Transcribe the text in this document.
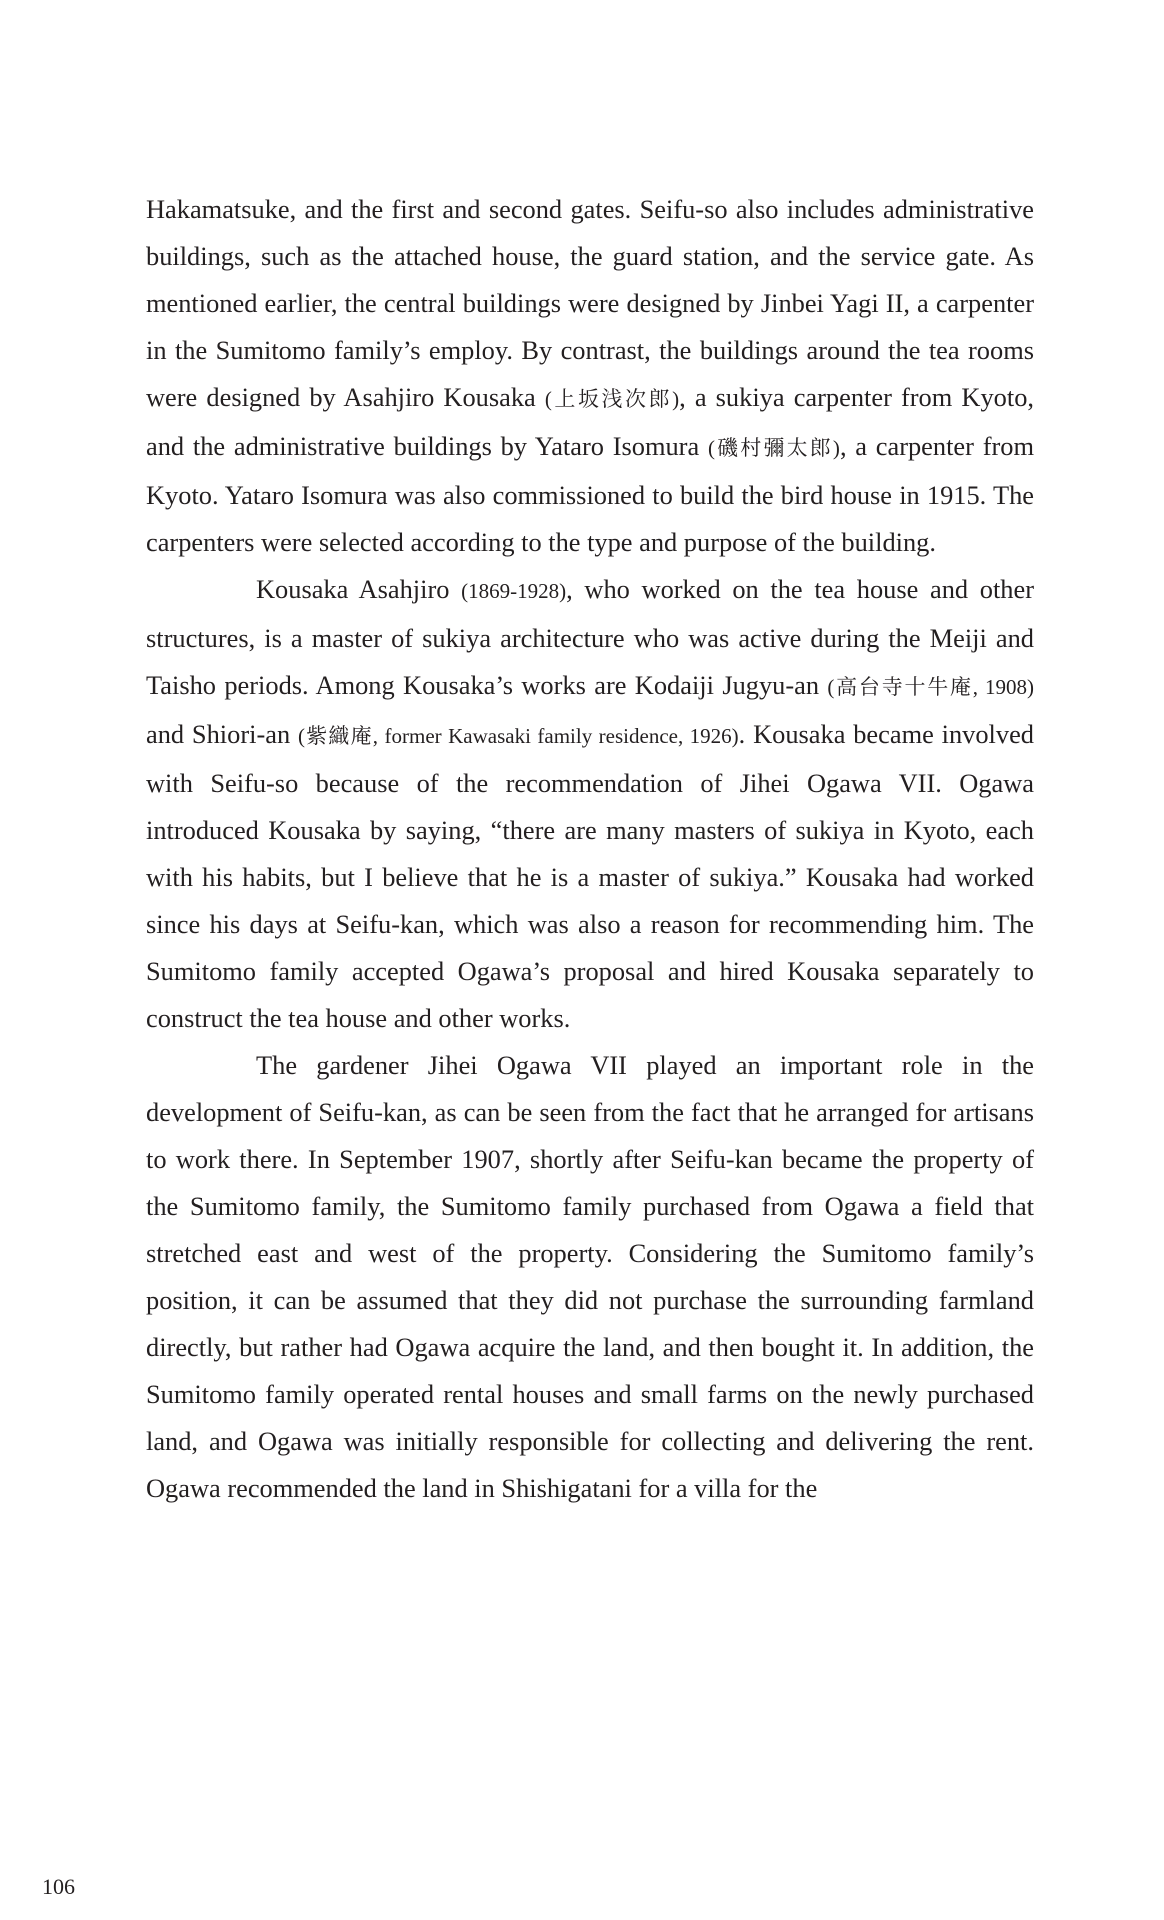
Hakamatsuke, and the first and second gates. Seifu-so also includes administrative buildings, such as the attached house, the guard station, and the service gate. As mentioned earlier, the central buildings were designed by Jinbei Yagi II, a carpenter in the Sumitomo family’s employ. By contrast, the buildings around the tea rooms were designed by Asahjiro Kousaka (上坂浅次郎), a sukiya carpenter from Kyoto, and the administrative buildings by Yataro Isomura (磯村彌太郎), a carpenter from Kyoto. Yataro Isomura was also commissioned to build the bird house in 1915. The carpenters were selected according to the type and purpose of the building.

Kousaka Asahjiro (1869-1928), who worked on the tea house and other structures, is a master of sukiya architecture who was active during the Meiji and Taisho periods. Among Kousaka’s works are Kodaiji Jugyu-an (高台寺十牛庵, 1908) and Shiori-an (紫織庵, former Kawasaki family residence, 1926). Kousaka became involved with Seifu-so because of the recommendation of Jihei Ogawa VII. Ogawa introduced Kousaka by saying, “there are many masters of sukiya in Kyoto, each with his habits, but I believe that he is a master of sukiya.” Kousaka had worked since his days at Seifu-kan, which was also a reason for recommending him. The Sumitomo family accepted Ogawa’s proposal and hired Kousaka separately to construct the tea house and other works.

The gardener Jihei Ogawa VII played an important role in the development of Seifu-kan, as can be seen from the fact that he arranged for artisans to work there. In September 1907, shortly after Seifu-kan became the property of the Sumitomo family, the Sumitomo family purchased from Ogawa a field that stretched east and west of the property. Considering the Sumitomo family’s position, it can be assumed that they did not purchase the surrounding farmland directly, but rather had Ogawa acquire the land, and then bought it. In addition, the Sumitomo family operated rental houses and small farms on the newly purchased land, and Ogawa was initially responsible for collecting and delivering the rent. Ogawa recommended the land in Shishigatani for a villa for the

106
